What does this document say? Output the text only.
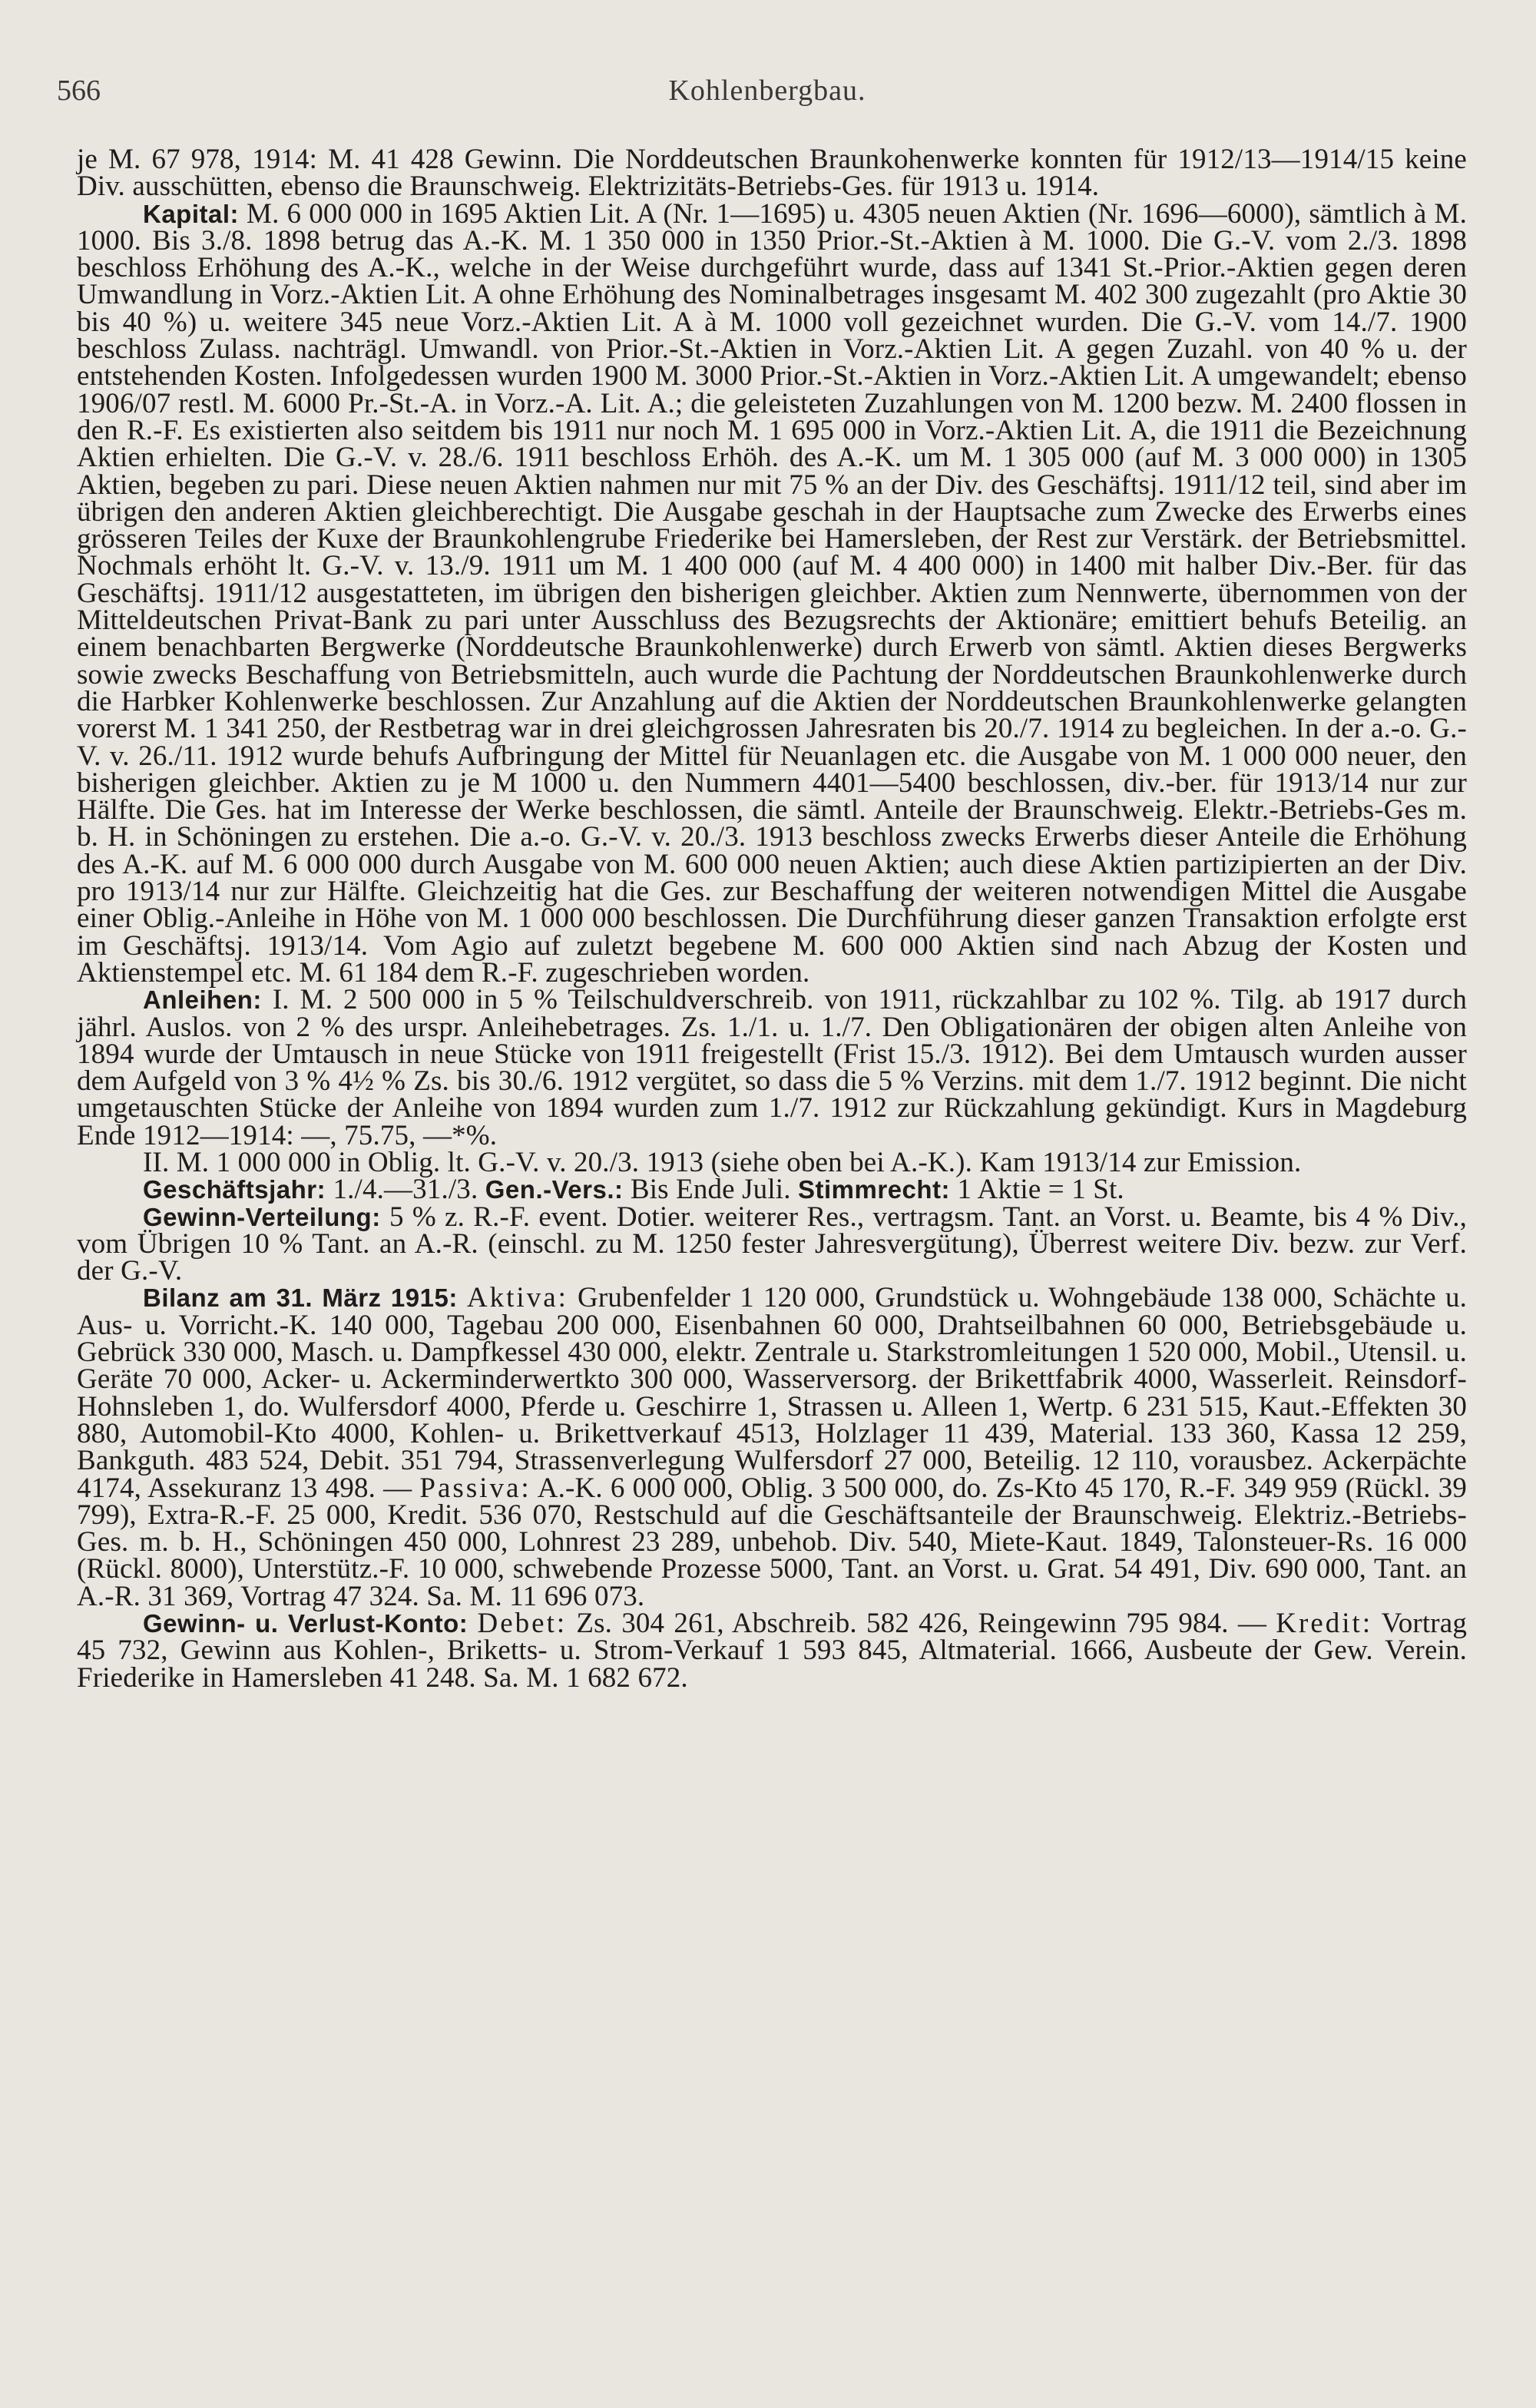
566	Kohlenbergbau.

je M. 67 978, 1914: M. 41 428 Gewinn. Die Norddeutschen Braunkohenwerke konnten für 1912/13—1914/15 keine Div. ausschütten, ebenso die Braunschweig. Elektrizitäts-Betriebs-Ges. für 1913 u. 1914.

Kapital: M. 6 000 000 in 1695 Aktien Lit. A (Nr. 1—1695) u. 4305 neuen Aktien (Nr. 1696—6000), sämtlich à M. 1000. Bis 3./8. 1898 betrug das A.-K. M. 1 350 000 in 1350 Prior.-St.-Aktien à M. 1000. Die G.-V. vom 2./3. 1898 beschloss Erhöhung des A.-K., welche in der Weise durchgeführt wurde, dass auf 1341 St.-Prior.-Aktien gegen deren Umwandlung in Vorz.-Aktien Lit. A ohne Erhöhung des Nominalbetrages insgesamt M. 402 300 zugezahlt (pro Aktie 30 bis 40 %) u. weitere 345 neue Vorz.-Aktien Lit. A à M. 1000 voll gezeichnet wurden. Die G.-V. vom 14./7. 1900 beschloss Zulass. nachträgl. Umwandl. von Prior.-St.-Aktien in Vorz.-Aktien Lit. A gegen Zuzahl. von 40 % u. der entstehenden Kosten. Infolgedessen wurden 1900 M. 3000 Prior.-St.-Aktien in Vorz.-Aktien Lit. A umgewandelt; ebenso 1906/07 restl. M. 6000 Pr.-St.-A. in Vorz.-A. Lit. A.; die geleisteten Zuzahlungen von M. 1200 bezw. M. 2400 flossen in den R.-F. Es existierten also seitdem bis 1911 nur noch M. 1 695 000 in Vorz.-Aktien Lit. A, die 1911 die Bezeichnung Aktien erhielten. Die G.-V. v. 28./6. 1911 beschloss Erhöh. des A.-K. um M. 1 305 000 (auf M. 3 000 000) in 1305 Aktien, begeben zu pari. Diese neuen Aktien nahmen nur mit 75 % an der Div. des Geschäftsj. 1911/12 teil, sind aber im übrigen den anderen Aktien gleichberechtigt. Die Ausgabe geschah in der Hauptsache zum Zwecke des Erwerbs eines grösseren Teiles der Kuxe der Braunkohlengrube Friederike bei Hamersleben, der Rest zur Verstärk. der Betriebsmittel. Nochmals erhöht lt. G.-V. v. 13./9. 1911 um M. 1 400 000 (auf M. 4 400 000) in 1400 mit halber Div.-Ber. für das Geschäftsj. 1911/12 ausgestatteten, im übrigen den bisherigen gleichber. Aktien zum Nennwerte, übernommen von der Mitteldeutschen Privat-Bank zu pari unter Ausschluss des Bezugsrechts der Aktionäre; emittiert behufs Beteilig. an einem benachbarten Bergwerke (Norddeutsche Braunkohlenwerke) durch Erwerb von sämtl. Aktien dieses Bergwerks sowie zwecks Beschaffung von Betriebsmitteln, auch wurde die Pachtung der Norddeutschen Braunkohlenwerke durch die Harbker Kohlenwerke beschlossen. Zur Anzahlung auf die Aktien der Norddeutschen Braunkohlenwerke gelangten vorerst M. 1 341 250, der Restbetrag war in drei gleichgrossen Jahresraten bis 20./7. 1914 zu begleichen. In der a.-o. G.-V. v. 26./11. 1912 wurde behufs Aufbringung der Mittel für Neuanlagen etc. die Ausgabe von M. 1 000 000 neuer, den bisherigen gleichber. Aktien zu je M 1000 u. den Nummern 4401—5400 beschlossen, div.-ber. für 1913/14 nur zur Hälfte. Die Ges. hat im Interesse der Werke beschlossen, die sämtl. Anteile der Braunschweig. Elektr.-Betriebs-Ges m. b. H. in Schöningen zu erstehen. Die a.-o. G.-V. v. 20./3. 1913 beschloss zwecks Erwerbs dieser Anteile die Erhöhung des A.-K. auf M. 6 000 000 durch Ausgabe von M. 600 000 neuen Aktien; auch diese Aktien partizipierten an der Div. pro 1913/14 nur zur Hälfte. Gleichzeitig hat die Ges. zur Beschaffung der weiteren notwendigen Mittel die Ausgabe einer Oblig.-Anleihe in Höhe von M. 1 000 000 beschlossen. Die Durchführung dieser ganzen Transaktion erfolgte erst im Geschäftsj. 1913/14. Vom Agio auf zuletzt begebene M. 600 000 Aktien sind nach Abzug der Kosten und Aktienstempel etc. M. 61 184 dem R.-F. zugeschrieben worden.

Anleihen: I. M. 2 500 000 in 5 % Teilschuldverschreib. von 1911, rückzahlbar zu 102 %. Tilg. ab 1917 durch jährl. Auslos. von 2 % des urspr. Anleihebetrages. Zs. 1./1. u. 1./7. Den Obligationären der obigen alten Anleihe von 1894 wurde der Umtausch in neue Stücke von 1911 freigestellt (Frist 15./3. 1912). Bei dem Umtausch wurden ausser dem Aufgeld von 3 % 4½ % Zs. bis 30./6. 1912 vergütet, so dass die 5 % Verzins. mit dem 1./7. 1912 beginnt. Die nicht umgetauschten Stücke der Anleihe von 1894 wurden zum 1./7. 1912 zur Rückzahlung gekündigt. Kurs in Magdeburg Ende 1912—1914: —, 75.75, —*%.

II. M. 1 000 000 in Oblig. lt. G.-V. v. 20./3. 1913 (siehe oben bei A.-K.). Kam 1913/14 zur Emission.

Geschäftsjahr: 1./4.—31./3. Gen.-Vers.: Bis Ende Juli. Stimmrecht: 1 Aktie = 1 St.

Gewinn-Verteilung: 5 % z. R.-F. event. Dotier. weiterer Res., vertragsm. Tant. an Vorst. u. Beamte, bis 4 % Div., vom Übrigen 10 % Tant. an A.-R. (einschl. zu M. 1250 fester Jahresvergütung), Überrest weitere Div. bezw. zur Verf. der G.-V.

Bilanz am 31. März 1915: Aktiva: Grubenfelder 1 120 000, Grundstück u. Wohngebäude 138 000, Schächte u. Aus- u. Vorricht.-K. 140 000, Tagebau 200 000, Eisenbahnen 60 000, Drahtseilbahnen 60 000, Betriebsgebäude u. Gebrück 330 000, Masch. u. Dampfkessel 430 000, elektr. Zentrale u. Starkstromleitungen 1 520 000, Mobil., Utensil. u. Geräte 70 000, Acker- u. Ackerminderwertkto 300 000, Wasserversorg. der Brikettfabrik 4000, Wasserleit. Reinsdorf-Hohnsleben 1, do. Wulfersdorf 4000, Pferde u. Geschirre 1, Strassen u. Alleen 1, Wertp. 6 231 515, Kaut.-Effekten 30 880, Automobil-Kto 4000, Kohlen- u. Brikettverkauf 4513, Holzlager 11 439, Material. 133 360, Kassa 12 259, Bankguth. 483 524, Debit. 351 794, Strassenverlegung Wulfersdorf 27 000, Beteilig. 12 110, vorausbez. Ackerpächte 4174, Assekuranz 13 498. — Passiva: A.-K. 6 000 000, Oblig. 3 500 000, do. Zs-Kto 45 170, R.-F. 349 959 (Rückl. 39 799), Extra-R.-F. 25 000, Kredit. 536 070, Restschuld auf die Geschäftsanteile der Braunschweig. Elektriz.-Betriebs-Ges. m. b. H., Schöningen 450 000, Lohnrest 23 289, unbehob. Div. 540, Miete-Kaut. 1849, Talonsteuer-Rs. 16 000 (Rückl. 8000), Unterstütz.-F. 10 000, schwebende Prozesse 5000, Tant. an Vorst. u. Grat. 54 491, Div. 690 000, Tant. an A.-R. 31 369, Vortrag 47 324. Sa. M. 11 696 073.

Gewinn- u. Verlust-Konto: Debet: Zs. 304 261, Abschreib. 582 426, Reingewinn 795 984. — Kredit: Vortrag 45 732, Gewinn aus Kohlen-, Briketts- u. Strom-Verkauf 1 593 845, Altmaterial. 1666, Ausbeute der Gew. Verein. Friederike in Hamersleben 41 248. Sa. M. 1 682 672.
